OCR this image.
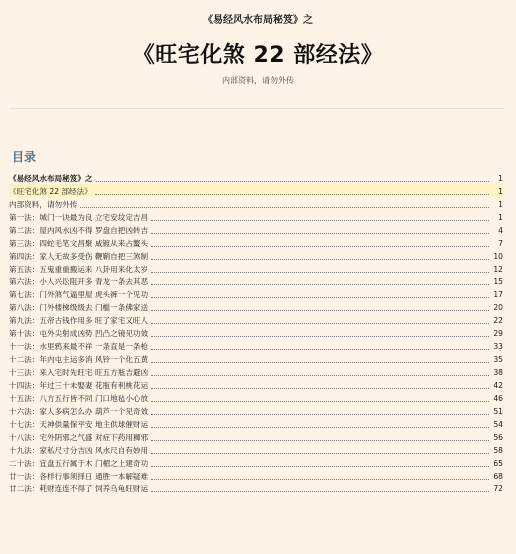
《易经风水布局秘笈》之
《旺宅化煞 22 部经法》
内部资料，请勿外传
目录
《易经风水布局秘笈》之	1
《旺宅化煞 22 部经法》	1
内部资料，请勿外传	1
第一法：城门一诀最为良 立宅安坟定吉昌	1
第二法：屋内风水凶不得 罗盘自把凶转吉	4
第三法：四蛇毛笔文昌聚 咸镀从来占鳌头	7
第四法：家人无故多受伤 鞭鞘自把三煞制	10
第五法：五鬼重重搬运来 八卦用来化太岁	12
第六法：小人兴讼阻开多 青龙一条去其恶	15
第七法：门外煞气逼里屋 虎头裤一个见功	17
第八法：门外楼梯级级去 门槛一条佛家送	20
第九法：五帝古钱作用多 旺了家宅又旺人	22
第十法：屯外尖射成凶势 凹凸之镜见功效	29
十一法：水里鸦来最不祥 一条直是一条枪	33
十二法：年内屯主运多消 风铃一个化五黄	35
十三法：来入宅时先旺宅 旺五方瓶吉避凶	38
十四法：年过三十未娶妻 花瓶有利桃花运	42
十五法：八方五行皆不同 门口地毡小心放	46
十六法：家人多病怎么办 葫芦一个见奇效	51
十七法：天神供量保平安 地主供球催财运	54
十八法：宅外阴邪之气盛 对症下药用狮邪	56
十九法：家私尺寸分吉凶 风水尺自有妙用	58
二十法：宜盘五行属于木 门楣之上建奇功	65
廿一法：各样行事须择日 通胜一本解疑难	68
廿二法：耗财连连不得了 饲养乌龟旺财运	72
